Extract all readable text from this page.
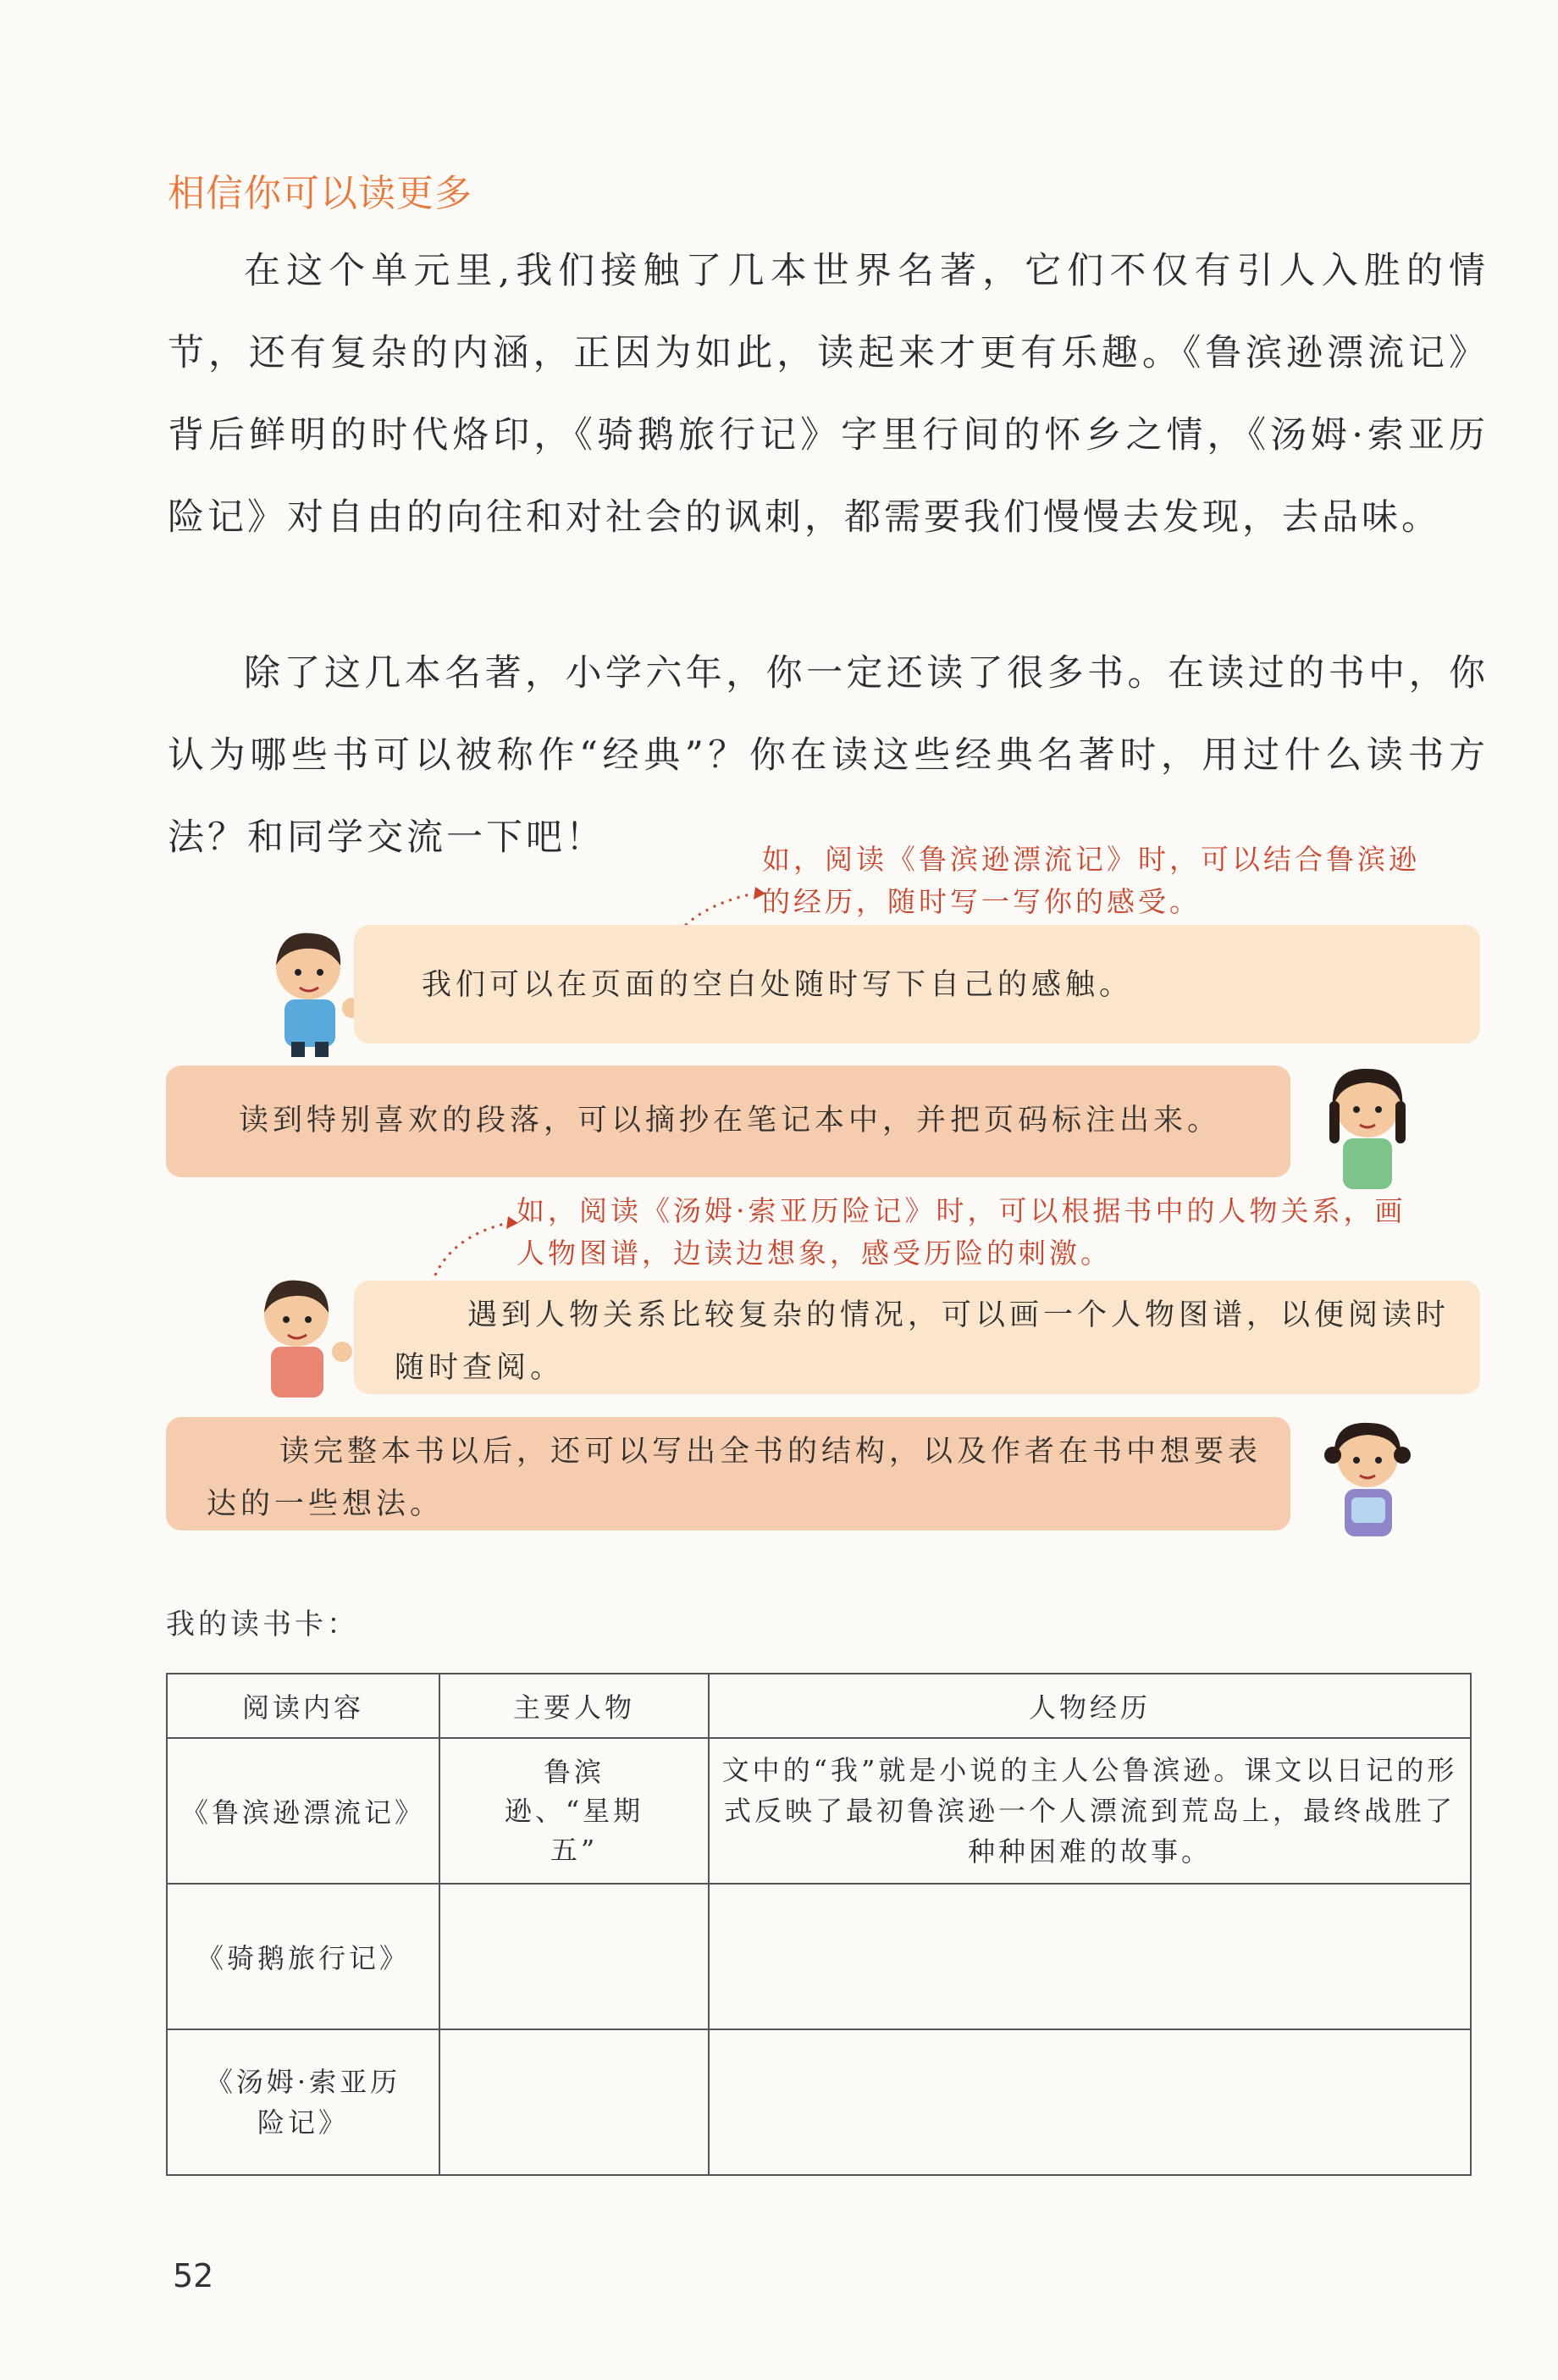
相信你可以读更多
在这个单元里,我们接触了几本世界名著，它们不仅有引人入胜的情节，还有复杂的内涵，正因为如此，读起来才更有乐趣。《鲁滨逊漂流记》背后鲜明的时代烙印，《骑鹅旅行记》字里行间的怀乡之情，《汤姆·索亚历险记》对自由的向往和对社会的讽刺，都需要我们慢慢去发现，去品味。
除了这几本名著，小学六年，你一定还读了很多书。在读过的书中，你认为哪些书可以被称作“经典”？你在读这些经典名著时，用过什么读书方法？和同学交流一下吧！
如，阅读《鲁滨逊漂流记》时，可以结合鲁滨逊的经历，随时写一写你的感受。
我们可以在页面的空白处随时写下自己的感触。
读到特别喜欢的段落，可以摘抄在笔记本中，并把页码标注出来。
如，阅读《汤姆·索亚历险记》时，可以根据书中的人物关系，画人物图谱，边读边想象，感受历险的刺激。
遇到人物关系比较复杂的情况，可以画一个人物图谱，以便阅读时随时查阅。
读完整本书以后，还可以写出全书的结构，以及作者在书中想要表达的一些想法。
我的读书卡：
阅读内容	主要人物	人物经历
《鲁滨逊漂流记》	鲁滨逊、“星期五”	文中的“我”就是小说的主人公鲁滨逊。课文以日记的形式反映了最初鲁滨逊一个人漂流到荒岛上，最终战胜了种种困难的故事。
《骑鹅旅行记》		
《汤姆·索亚历险记》		
52
